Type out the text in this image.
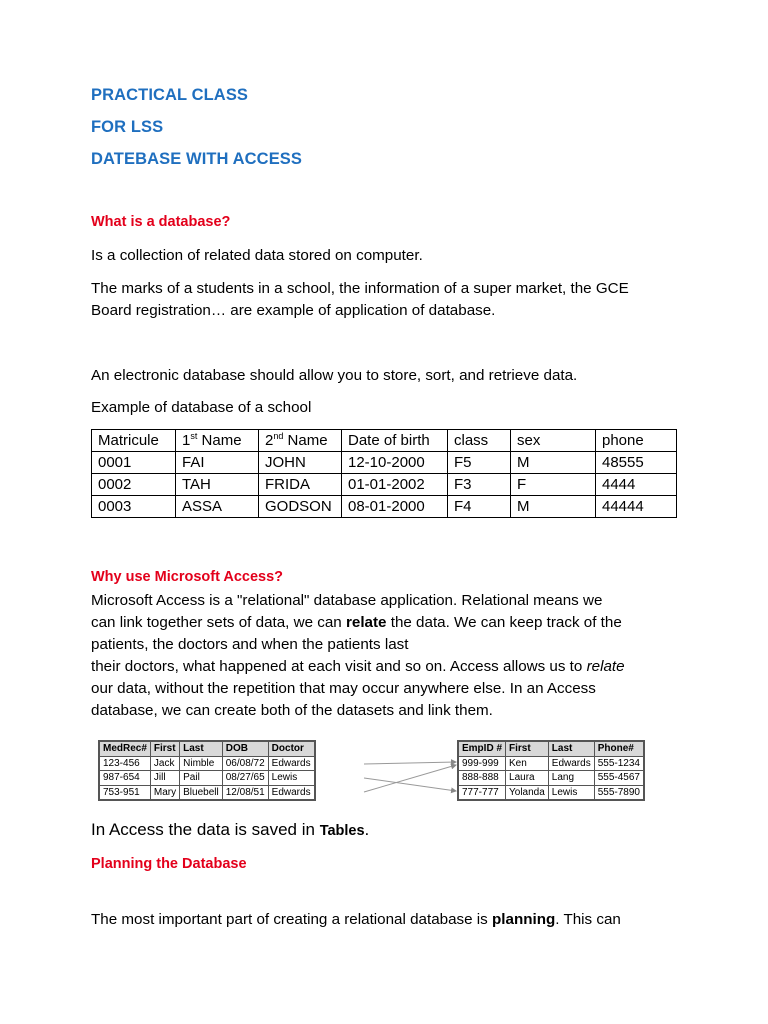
PRACTICAL CLASS
FOR LSS
DATEBASE WITH ACCESS
What is a database?
Is a collection of related data stored on computer.
The marks of a students in a school, the information of a super market, the GCE
Board registration… are example of application of database.
An electronic database should allow you to store, sort, and retrieve data.
Example of database of a school
Matricule	1st Name	2nd Name	Date of birth	class	sex	phone
0001	FAI	JOHN	12-10-2000	F5	M	48555
0002	TAH	FRIDA	01-01-2002	F3	F	4444
0003	ASSA	GODSON	08-01-2000	F4	M	44444
Why use Microsoft Access?
Microsoft Access is a "relational" database application. Relational means we
can link together sets of data, we can relate the data. We can keep track of the
patients, the doctors and when the patients last
their doctors, what happened at each visit and so on. Access allows us to relate
our data, without the repetition that may occur anywhere else. In an Access
database, we can create both of the datasets and link them.
MedRec#	First	Last	DOB	Doctor
123-456	Jack	Nimble	06/08/72	Edwards
987-654	Jill	Pail	08/27/65	Lewis
753-951	Mary	Bluebell	12/08/51	Edwards
EmpID #	First	Last	Phone#
999-999	Ken	Edwards	555-1234
888-888	Laura	Lang	555-4567
777-777	Yolanda	Lewis	555-7890
In Access the data is saved in Tables.
Planning the Database
The most important part of creating a relational database is planning. This can
